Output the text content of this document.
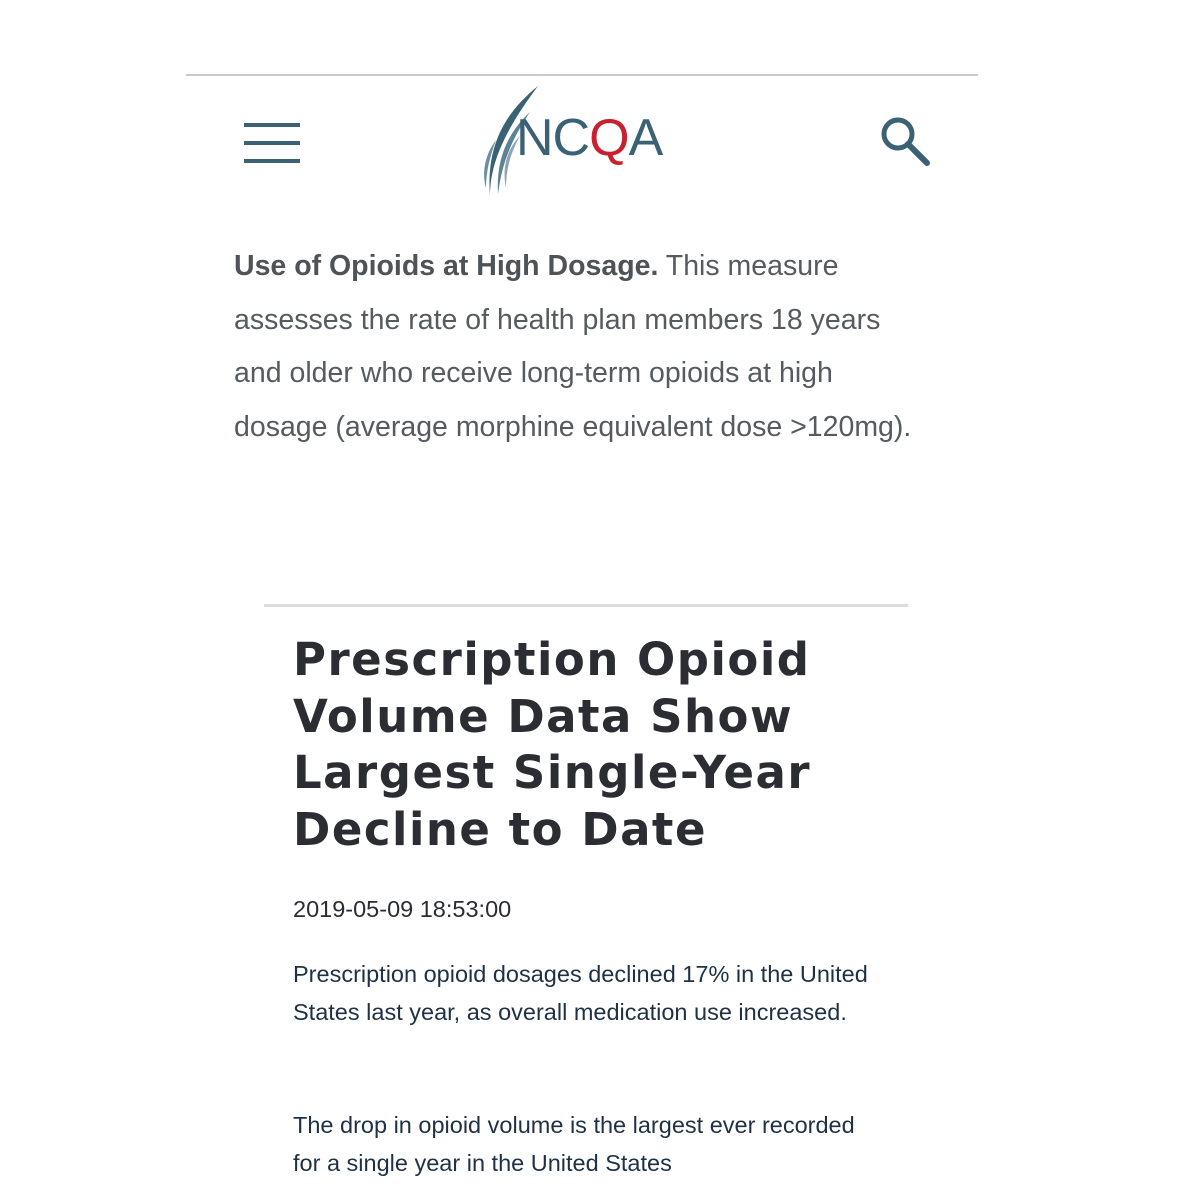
NCQA

Use of Opioids at High Dosage. This measure assesses the rate of health plan members 18 years and older who receive long-term opioids at high dosage (average morphine equivalent dose >120mg).

Prescription Opioid Volume Data Show Largest Single-Year Decline to Date
2019-05-09 18:53:00

Prescription opioid dosages declined 17% in the United States last year, as overall medication use increased.

The drop in opioid volume is the largest ever recorded for a single year in the United States
